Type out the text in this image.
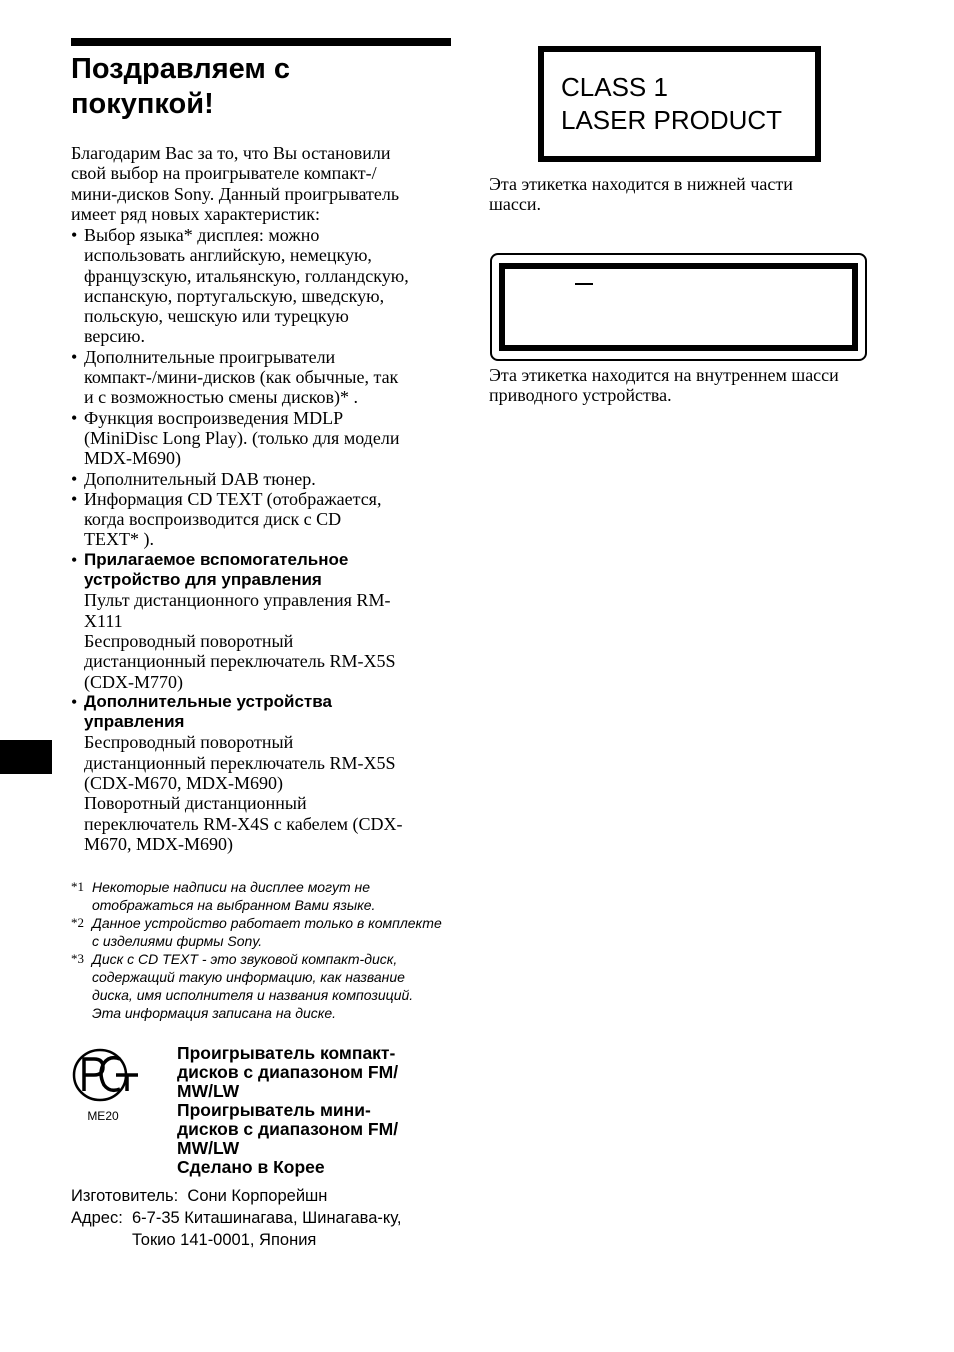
Поздравляем с
покупкой!
Благодарим Вас за то, что Вы остановили
свой выбор на проигрывателе компакт-/
мини-дисков Sony. Данный проигрыватель
имеет ряд новых характеристик:
• Выбор языка* дисплея: можно
использовать английскую, немецкую,
французскую, итальянскую, голландскую,
испанскую, португальскую, шведскую,
польскую, чешскую или турецкую
версию.
• Дополнительные проигрыватели
компакт-/мини-дисков (как обычные, так
и с возможностью смены дисков)* .
• Функция воспроизведения MDLP
(MiniDisc Long Play). (только для модели
MDX-M690)
• Дополнительный DAB тюнер.
• Информация CD TEXT (отображается,
когда воспроизводится диск с CD
TEXT* ).
• Прилагаемое вспомогательное
устройство для управления
Пульт дистанционного управления RM-
X111
Беспроводный поворотный
дистанционный переключатель RM-X5S
(CDX-M770)
• Дополнительные устройства
управления
Беспроводный поворотный
дистанционный переключатель RM-X5S
(CDX-M670, MDX-M690)
Поворотный дистанционный
переключатель RM-X4S с кабелем (CDX-
M670, MDX-M690)
*1 Некоторые надписи на дисплее могут не
отображаться на выбранном Вами языке.
*2 Данное устройство работает только в комплекте
с изделиями фирмы Sony.
*3 Диск с CD TEXT - это звуковой компакт-диск,
содержащий такую информацию, как название
диска, имя исполнителя и названия композиций.
Эта информация записана на диске.
ME20
Проигрыватель компакт-
дисков с диапазоном FM/
MW/LW
Проигрыватель мини-
дисков с диапазоном FM/
MW/LW
Сделано в Корее
Изготовитель: Сони Корпорейшн
Адрес: 6-7-35 Киташинагава, Шинагава-ку,
Токио 141-0001, Япония
CLASS 1
LASER PRODUCT
Эта этикетка находится в нижней части
шасси.
Эта этикетка находится на внутреннем шасси
приводного устройства.
